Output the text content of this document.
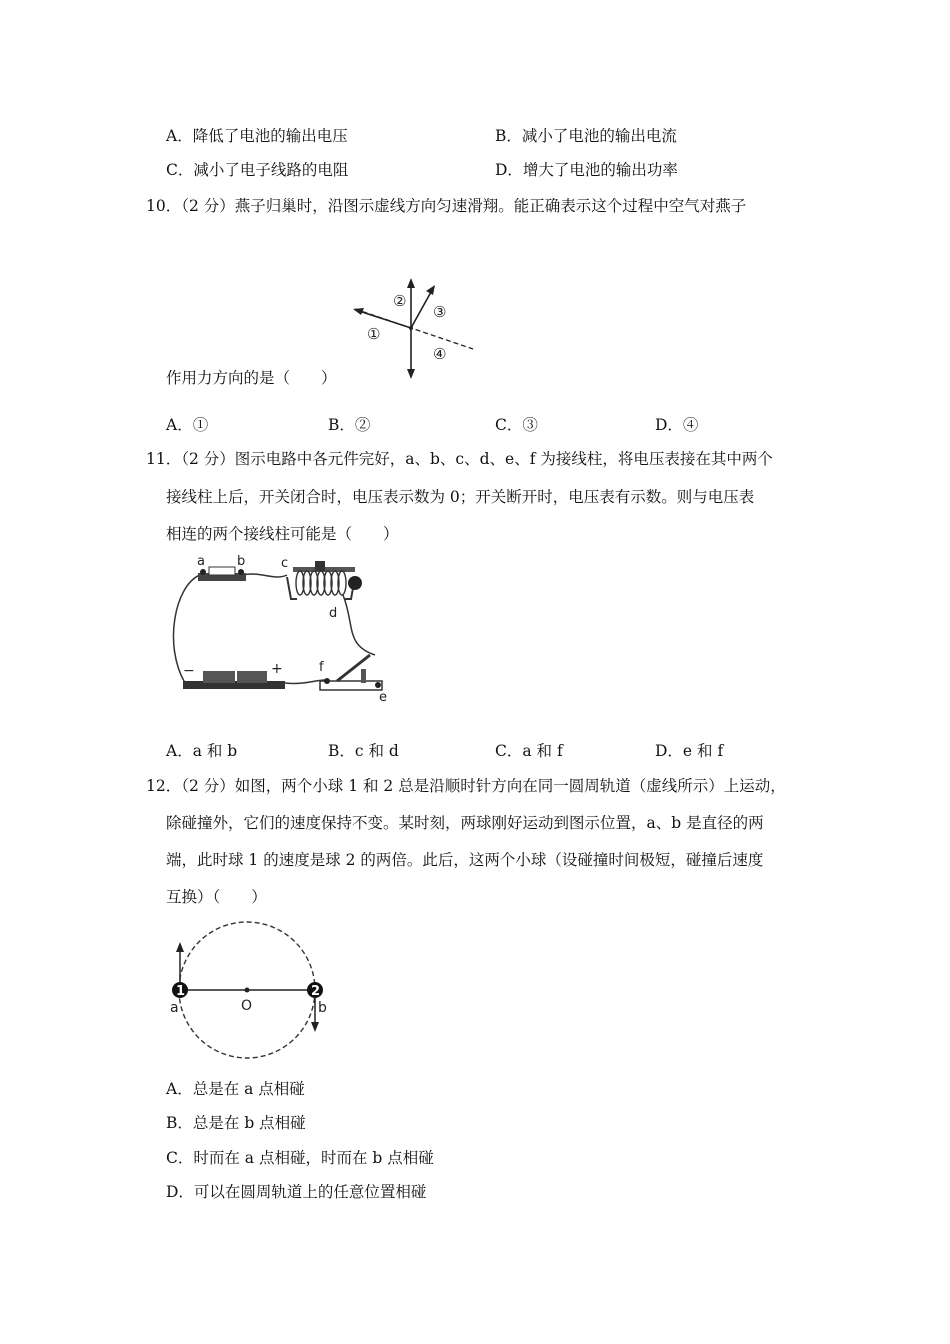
A．降低了电池的输出电压	B．减小了电池的输出电流
C．减小了电子线路的电阻	D．增大了电池的输出功率
10．（2 分）燕子归巢时，沿图示虚线方向匀速滑翔。能正确表示这个过程中空气对燕子
①
②
③
④
作用力方向的是（　　）
A．①	B．②	C．③	D．④
11．（2 分）图示电路中各元件完好，a、b、c、d、e、f 为接线柱，将电压表接在其中两个
接线柱上后，开关闭合时，电压表示数为 0；开关断开时，电压表有示数。则与电压表
相连的两个接线柱可能是（　　）
a b	c
d
−	+	f
e
A．a 和 b	B．c 和 d	C．a 和 f	D．e 和 f
12．（2 分）如图，两个小球 1 和 2 总是沿顺时针方向在同一圆周轨道（虚线所示）上运动，
除碰撞外，它们的速度保持不变。某时刻，两球刚好运动到图示位置，a、b 是直径的两
端，此时球 1 的速度是球 2 的两倍。此后，这两个小球（设碰撞时间极短，碰撞后速度
互换）（　　）
O
1	2
a	b
A．总是在 a 点相碰
B．总是在 b 点相碰
C．时而在 a 点相碰，时而在 b 点相碰
D．可以在圆周轨道上的任意位置相碰
